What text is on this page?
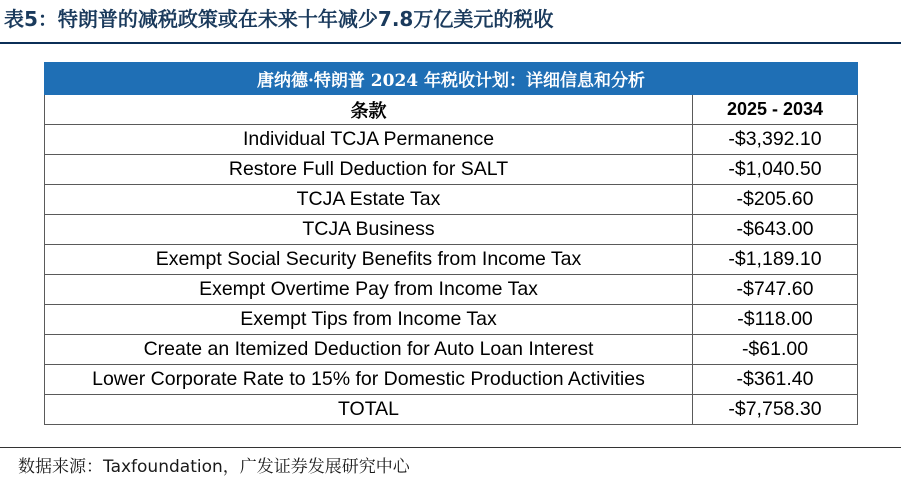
表5：特朗普的减税政策或在未来十年减少7.8万亿美元的税收
唐纳德·特朗普 2024 年税收计划：详细信息和分析	
条款	2025 - 2034
Individual TCJA Permanence	-$3,392.10
Restore Full Deduction for SALT	-$1,040.50
TCJA Estate Tax	-$205.60
TCJA Business	-$643.00
Exempt Social Security Benefits from Income Tax	-$1,189.10
Exempt Overtime Pay from Income Tax	-$747.60
Exempt Tips from Income Tax	-$118.00
Create an Itemized Deduction for Auto Loan Interest	-$61.00
Lower Corporate Rate to 15% for Domestic Production Activities	-$361.40
TOTAL	-$7,758.30
数据来源：Taxfoundation，广发证券发展研究中心
